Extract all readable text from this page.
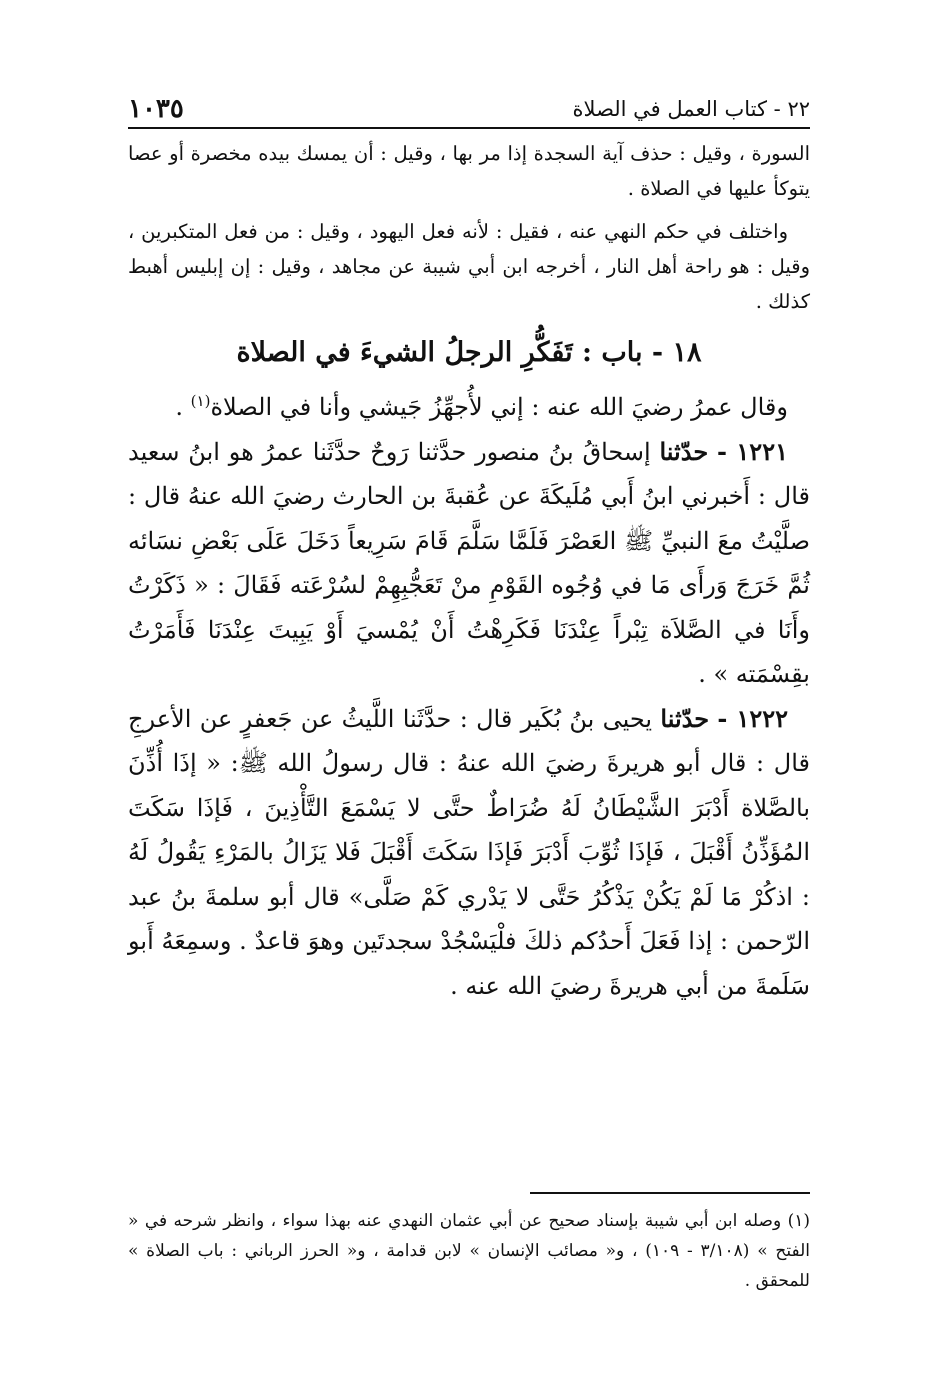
٢٢ - كتاب العمل في الصلاة
١٠٣٥

السورة ، وقيل : حذف آية السجدة إذا مر بها ، وقيل : أن يمسك بيده مخصرة أو عصا يتوكأ عليها في الصلاة .

واختلف في حكم النهي عنه ، فقيل : لأنه فعل اليهود ، وقيل : من فعل المتكبرين ، وقيل : هو راحة أهل النار ، أخرجه ابن أبي شيبة عن مجاهد ، وقيل : إن إبليس أهبط كذلك .

١٨ - باب : تَفَكُّرِ الرجلُ الشيءَ في الصلاة

وقال عمرُ رضيَ الله عنه : إني لأُجهِّزُ جَيشي وأنا في الصلاة$^{(١)}$ .

١٢٢١ - حدّثنا إسحاقُ بنُ منصور حدَّثنا رَوحٌ حدَّثَنا عمرُ هو ابنُ سعيد قال : أَخبرني ابنُ أَبي مُلَيكَةَ عن عُقبةَ بن الحارث رضيَ الله عنهُ قال : صلَّيْتُ معَ النبيِّ ﷺ العَصْرَ فَلَمَّا سَلَّمَ قَامَ سَرِيعاً دَخَلَ عَلَى بَعْضِ نسَائه ثُمَّ خَرَجَ وَرأَى مَا في وُجُوه القَوْمِ منْ تَعَجُّبِهِمْ لسُرْعَته فَقَالَ : « ذَكَرْتُ وأَنَا في الصَّلاَة تِبْراً عِنْدَنَا فَكَرِهْتُ أَنْ يُمْسيَ أَوْ يَبِيتَ عِنْدَنَا فَأَمَرْتُ بقِسْمَته » .

١٢٢٢ - حدّثنا يحيى بنُ بُكَير قال : حدَّثَنا اللَّيثُ عن جَعفرٍ عن الأعرجِ قال : قال أبو هريرةَ رضيَ الله عنهُ : قال رسولُ الله ﷺ: « إذَا أُذِّنَ بالصَّلاة أَدْبَرَ الشَّيْطَانُ لَهُ ضُرَاطٌ حتَّى لا يَسْمَعَ التَّأْذِينَ ، فَإذَا سَكَتَ المُؤَذِّنُ أَقْبَلَ ، فَإذَا ثُوِّبَ أَدْبَرَ فَإذَا سَكَتَ أَقْبَلَ فَلا يَزَالُ بالمَرْءِ يَقُولُ لَهُ : اذكُرْ مَا لَمْ يَكُنْ يَذْكُرُ حَتَّى لا يَدْري كَمْ صَلَّى» قال أبو سلمةَ بنُ عبد الرّحمن : إذا فَعَلَ أَحدُكم ذلكَ فلْيَسْجُدْ سجدتَين وهوَ قاعدٌ . وسمِعَهُ أَبو سَلَمةَ من أبي هريرةَ رضيَ الله عنه .

(١) وصله ابن أبي شيبة بإسناد صحيح عن أبي عثمان النهدي عنه بهذا سواء ، وانظر شرحه في « الفتح » (٣/١٠٨ - ١٠٩) ، و« مصائب الإنسان » لابن قدامة ، و« الحرز الرباني : باب الصلاة » للمحقق .
